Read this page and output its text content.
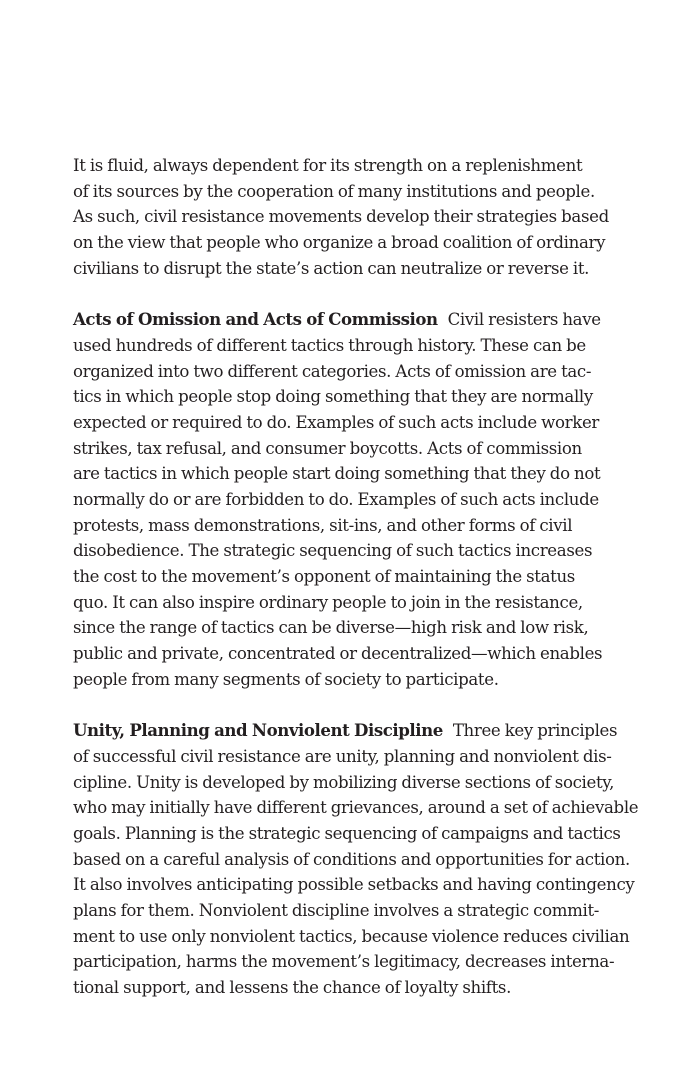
It is fluid, always dependent for its strength on a replenishment
of its sources by the cooperation of many institutions and people.
As such, civil resistance movements develop their strategies based
on the view that people who organize a broad coalition of ordinary
civilians to disrupt the state’s action can neutralize or reverse it.
Acts of Omission and Acts of Commission Civil resisters have
used hundreds of different tactics through history. These can be
organized into two different categories. Acts of omission are tac-
tics in which people stop doing something that they are normally
expected or required to do. Examples of such acts include worker
strikes, tax refusal, and consumer boycotts. Acts of commission
are tactics in which people start doing something that they do not
normally do or are forbidden to do. Examples of such acts include
protests, mass demonstrations, sit-ins, and other forms of civil
disobedience. The strategic sequencing of such tactics increases
the cost to the movement’s opponent of maintaining the status
quo. It can also inspire ordinary people to join in the resistance,
since the range of tactics can be diverse—high risk and low risk,
public and private, concentrated or decentralized—which enables
people from many segments of society to participate.
Unity, Planning and Nonviolent Discipline Three key principles
of successful civil resistance are unity, planning and nonviolent dis-
cipline. Unity is developed by mobilizing diverse sections of society,
who may initially have different grievances, around a set of achievable
goals. Planning is the strategic sequencing of campaigns and tactics
based on a careful analysis of conditions and opportunities for action.
It also involves anticipating possible setbacks and having contingency
plans for them. Nonviolent discipline involves a strategic commit-
ment to use only nonviolent tactics, because violence reduces civilian
participation, harms the movement’s legitimacy, decreases interna-
tional support, and lessens the chance of loyalty shifts.
